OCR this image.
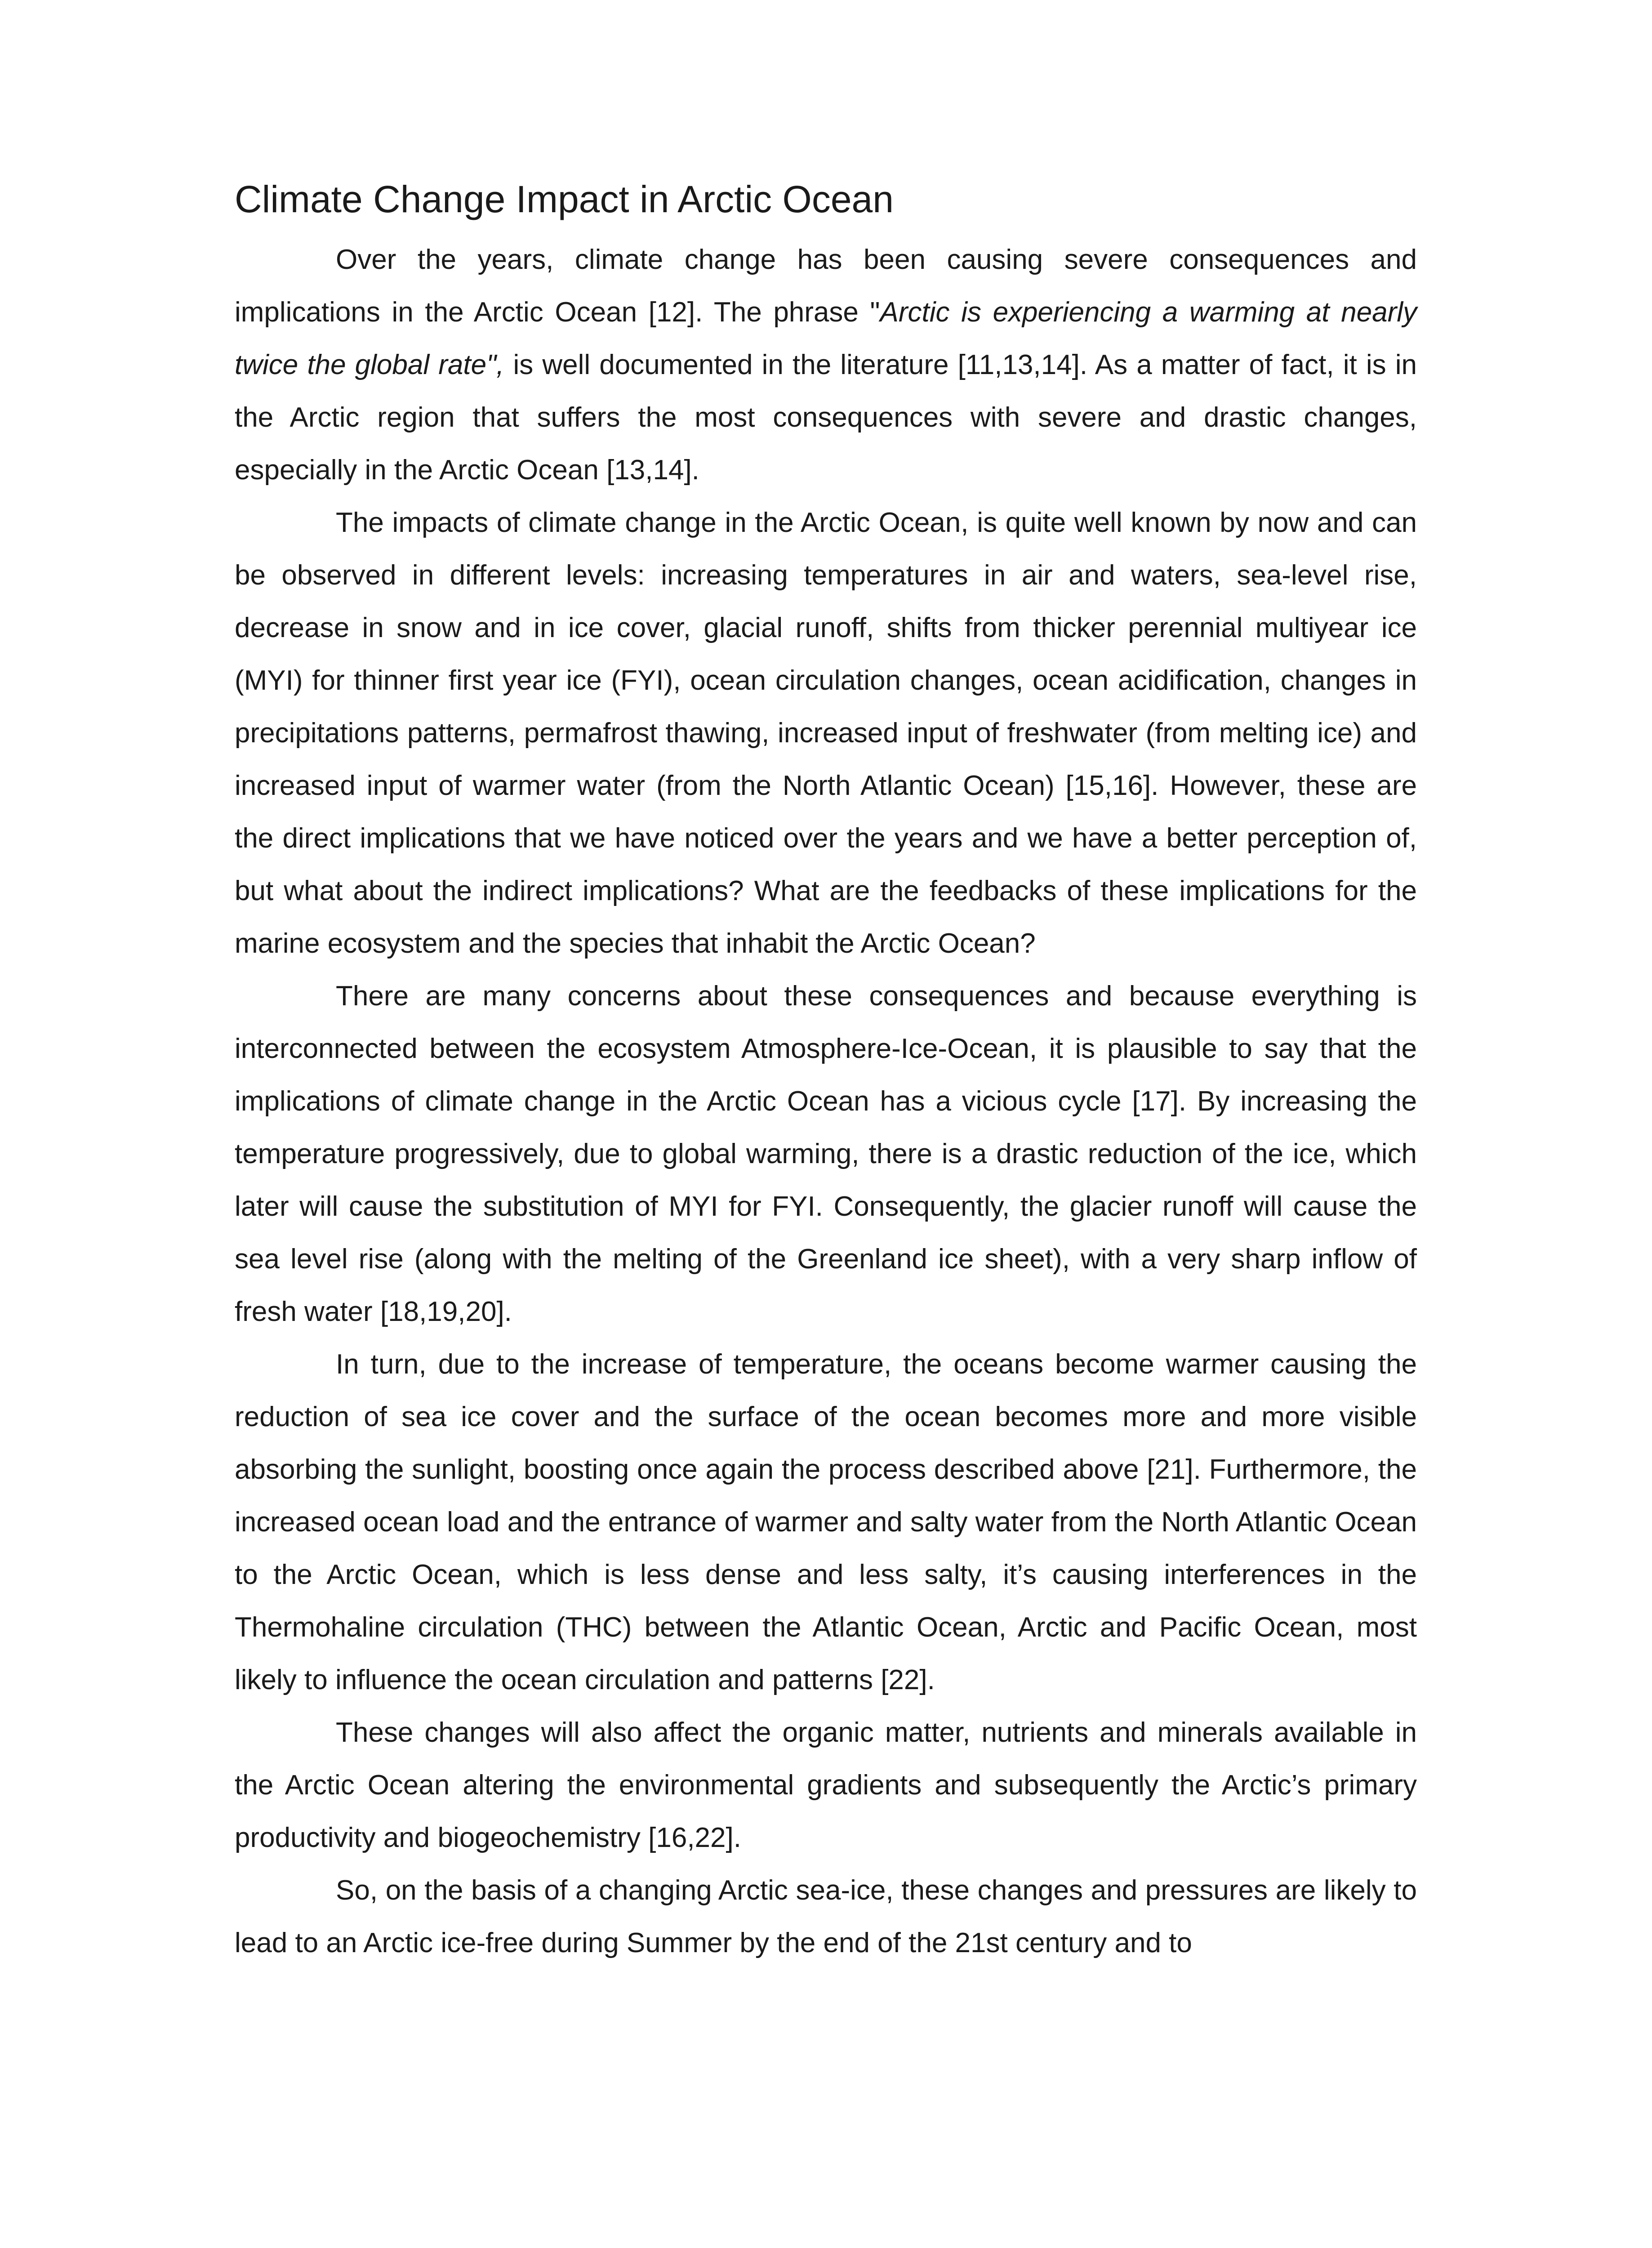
Climate Change Impact in Arctic Ocean

Over the years, climate change has been causing severe consequences and implications in the Arctic Ocean [12]. The phrase "Arctic is experiencing a warming at nearly twice the global rate", is well documented in the literature [11,13,14]. As a matter of fact, it is in the Arctic region that suffers the most consequences with severe and drastic changes, especially in the Arctic Ocean [13,14].

The impacts of climate change in the Arctic Ocean, is quite well known by now and can be observed in different levels: increasing temperatures in air and waters, sea-level rise, decrease in snow and in ice cover, glacial runoff, shifts from thicker perennial multiyear ice (MYI) for thinner first year ice (FYI), ocean circulation changes, ocean acidification, changes in precipitations patterns, permafrost thawing, increased input of freshwater (from melting ice) and increased input of warmer water (from the North Atlantic Ocean) [15,16]. However, these are the direct implications that we have noticed over the years and we have a better perception of, but what about the indirect implications? What are the feedbacks of these implications for the marine ecosystem and the species that inhabit the Arctic Ocean?

There are many concerns about these consequences and because everything is interconnected between the ecosystem Atmosphere-Ice-Ocean, it is plausible to say that the implications of climate change in the Arctic Ocean has a vicious cycle [17]. By increasing the temperature progressively, due to global warming, there is a drastic reduction of the ice, which later will cause the substitution of MYI for FYI. Consequently, the glacier runoff will cause the sea level rise (along with the melting of the Greenland ice sheet), with a very sharp inflow of fresh water [18,19,20].

In turn, due to the increase of temperature, the oceans become warmer causing the reduction of sea ice cover and the surface of the ocean becomes more and more visible absorbing the sunlight, boosting once again the process described above [21]. Furthermore, the increased ocean load and the entrance of warmer and salty water from the North Atlantic Ocean to the Arctic Ocean, which is less dense and less salty, it’s causing interferences in the Thermohaline circulation (THC) between the Atlantic Ocean, Arctic and Pacific Ocean, most likely to influence the ocean circulation and patterns [22].

These changes will also affect the organic matter, nutrients and minerals available in the Arctic Ocean altering the environmental gradients and subsequently the Arctic’s primary productivity and biogeochemistry [16,22].

So, on the basis of a changing Arctic sea-ice, these changes and pressures are likely to lead to an Arctic ice-free during Summer by the end of the 21st century and to
